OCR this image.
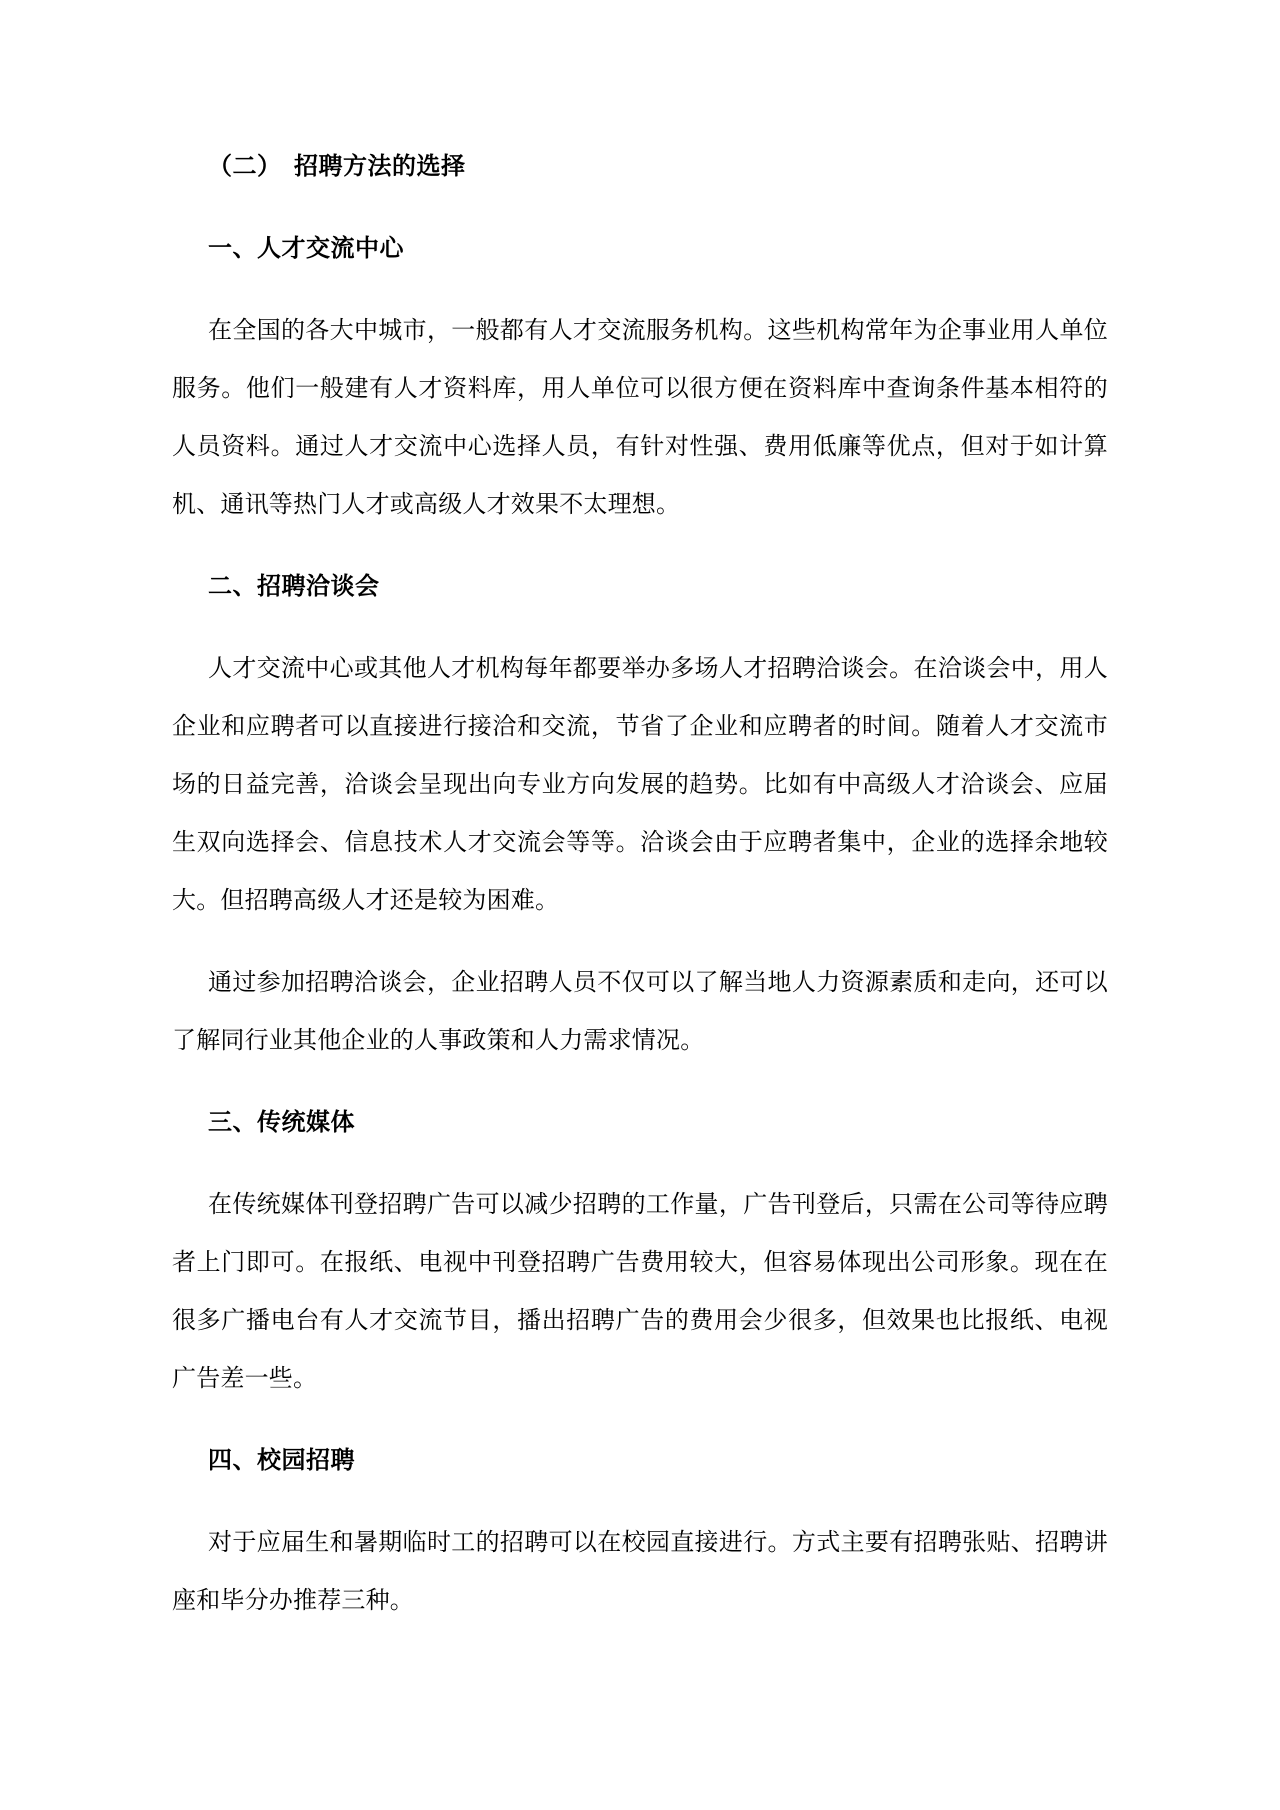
（二）　招聘方法的选择
一、人才交流中心

在全国的各大中城市，一般都有人才交流服务机构。这些机构常年为企事业用人单位服务。他们一般建有人才资料库，用人单位可以很方便在资料库中查询条件基本相符的人员资料。通过人才交流中心选择人员，有针对性强、费用低廉等优点，但对于如计算机、通讯等热门人才或高级人才效果不太理想。

二、招聘洽谈会

人才交流中心或其他人才机构每年都要举办多场人才招聘洽谈会。在洽谈会中，用人企业和应聘者可以直接进行接洽和交流，节省了企业和应聘者的时间。随着人才交流市场的日益完善，洽谈会呈现出向专业方向发展的趋势。比如有中高级人才洽谈会、应届生双向选择会、信息技术人才交流会等等。洽谈会由于应聘者集中，企业的选择余地较大。但招聘高级人才还是较为困难。

通过参加招聘洽谈会，企业招聘人员不仅可以了解当地人力资源素质和走向，还可以了解同行业其他企业的人事政策和人力需求情况。

三、传统媒体

在传统媒体刊登招聘广告可以减少招聘的工作量，广告刊登后，只需在公司等待应聘者上门即可。在报纸、电视中刊登招聘广告费用较大，但容易体现出公司形象。现在在很多广播电台有人才交流节目，播出招聘广告的费用会少很多，但效果也比报纸、电视广告差一些。

四、校园招聘

对于应届生和暑期临时工的招聘可以在校园直接进行。方式主要有招聘张贴、招聘讲座和毕分办推荐三种。
